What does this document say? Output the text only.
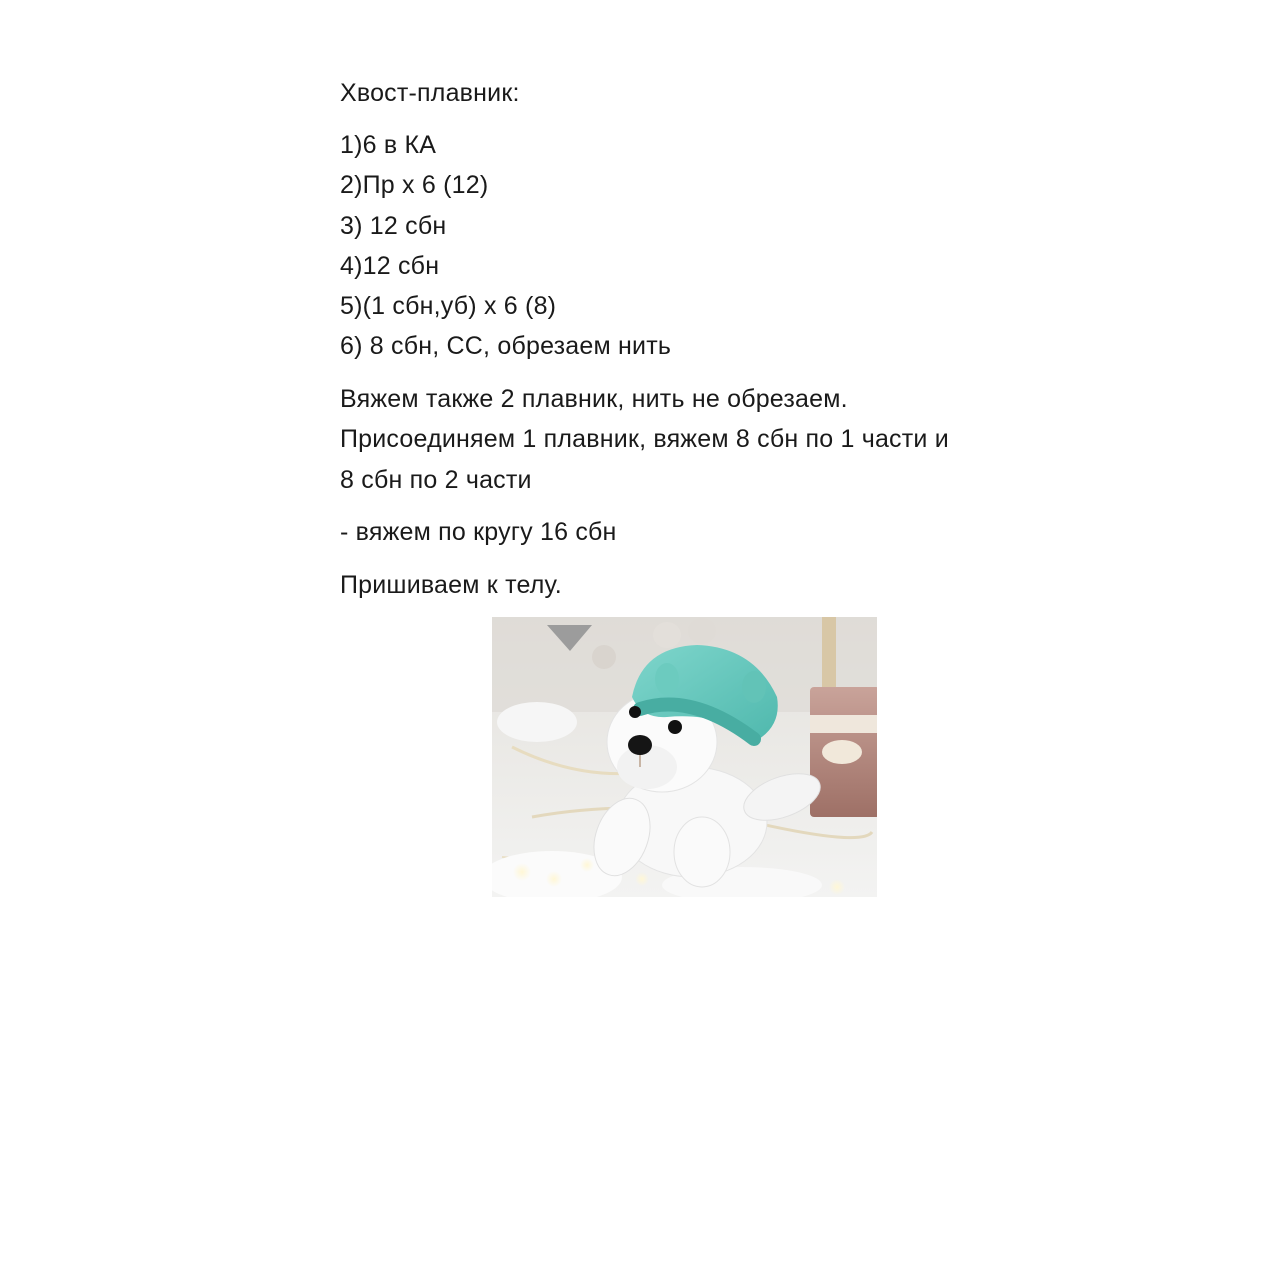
Хвост-плавник:
1)6 в КА
2)Пр х 6 (12)
3) 12 сбн
4)12 сбн
5)(1 сбн,уб) х 6 (8)
6) 8 сбн, СС, обрезаем нить
Вяжем также 2 плавник, нить не обрезаем.
Присоединяем 1 плавник, вяжем 8 сбн по 1 части и
8 сбн по 2 части
- вяжем по кругу 16 сбн
Пришиваем к телу.
